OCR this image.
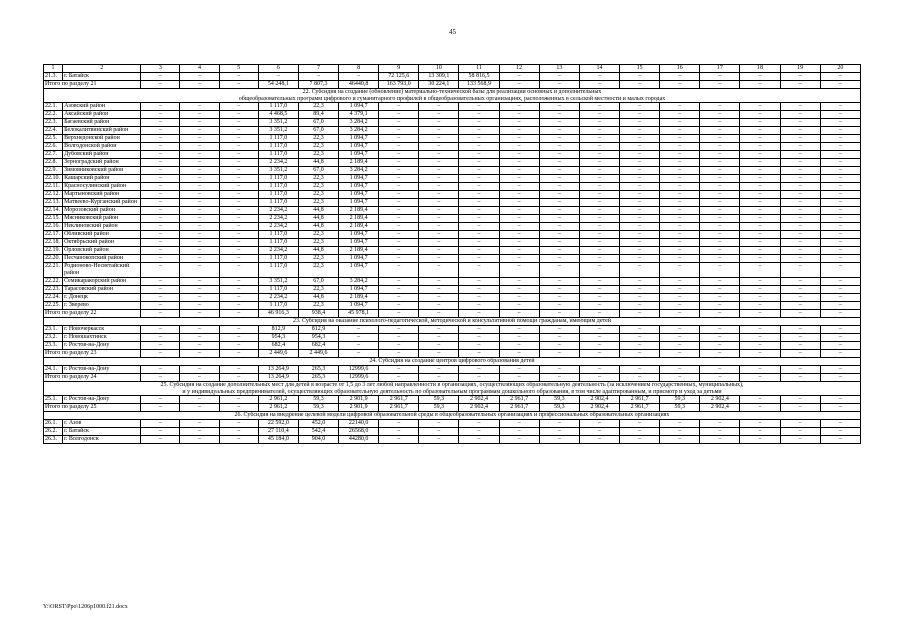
45
1	2	3	4	5	6	7	8	9	10	11	12	13	14	15	16	17	18	19	20
21.3.	г. Батайск	–	–	–	–	–	–	72 125,6	13 309,1	58 816,5	–	–	–	–	–	–	–	–	–
Итого по разделу 21		–	–	–	54 248,1	7 807,3	46440,8	163 793,0	30 224,1	133 568,9	–	–	–	–	–	–	–	–	–

22. Субсидия на создание (обновление) материально-технической базы для реализации основных и дополнительных
общеобразовательных программ цифрового и гуманитарного профилей в общеобразовательных организациях, расположенных в сельской местности и малых городах																			

22.1.	Азовский район	–	–	–	1 117,0	22,3	1 094,7	–	–	–	–	–	–	–	–	–	–	–	–
22.2.	Аксайский район	–	–	–	4 468,5	89,4	4 379,1	–	–	–	–	–	–	–	–	–	–	–	–
22.3.	Багаевский район	–	–	–	3 351,2	67,0	3 284,2	–	–	–	–	–	–	–	–	–	–	–	–
22.4.	Белокалитвинский район	–	–	–	3 351,2	67,0	3 284,2	–	–	–	–	–	–	–	–	–	–	–	–
22.5.	Верхнедонской район	–	–	–	1 117,0	22,3	1 094,7	–	–	–	–	–	–	–	–	–	–	–	–
22.6.	Волгодонской район	–	–	–	1 117,0	22,3	1 094,7	–	–	–	–	–	–	–	–	–	–	–	–
22.7.	Дубовский район	–	–	–	1 117,0	22,3	1 094,7	–	–	–	–	–	–	–	–	–	–	–	–
22.8.	Зерноградский район	–	–	–	2 234,2	44,8	2 189,4	–	–	–	–	–	–	–	–	–	–	–	–
22.9.	Зимовниковский район	–	–	–	3 351,2	67,0	3 284,2	–	–	–	–	–	–	–	–	–	–	–	–
22.10.	Кашарский район	–	–	–	1 117,0	22,3	1 094,7	–	–	–	–	–	–	–	–	–	–	–	–
22.11.	Красносулинский район	–	–	–	1 117,0	22,3	1 094,7	–	–	–	–	–	–	–	–	–	–	–	–
22.12.	Мартыновский район	–	–	–	1 117,0	22,3	1 094,7	–	–	–	–	–	–	–	–	–	–	–	–
22.13.	Матвеево-Курганский район	–	–	–	1 117,0	22,3	1 094,7	–	–	–	–	–	–	–	–	–	–	–	–
22.14.	Морозовский район	–	–	–	2 234,2	44,8	2 189,4	–	–	–	–	–	–	–	–	–	–	–	–
22.15.	Мясниковский район	–	–	–	2 234,2	44,8	2 189,4	–	–	–	–	–	–	–	–	–	–	–	–
22.16.	Неклиновский район	–	–	–	2 234,2	44,8	2 189,4	–	–	–	–	–	–	–	–	–	–	–	–
22.17.	Обливский район	–	–	–	1 117,0	22,3	1 094,7	–	–	–	–	–	–	–	–	–	–	–	–
22.18.	Октябрьский район	–	–	–	1 117,0	22,3	1 094,7	–	–	–	–	–	–	–	–	–	–	–	–
22.19.	Орловский район	–	–	–	2 234,2	44,8	2 189,4	–	–	–	–	–	–	–	–	–	–	–	–
22.20.	Песчанокопский район	–	–	–	1 117,0	22,3	1 094,7	–	–	–	–	–	–	–	–	–	–	–	–
22.21.	Родионово-Несветайский район	–	–	–	1 117,0	22,3	1 094,7	–	–	–	–	–	–	–	–	–	–	–	–
22.22.	Семикаракорский район	–	–	–	3 351,2	67,0	3 284,2	–	–	–	–	–	–	–	–	–	–	–	–
22.23.	Тарасовский район	–	–	–	1 117,0	22,3	1 094,7	–	–	–	–	–	–	–	–	–	–	–	–
22.24.	г. Донецк	–	–	–	2 234,2	44,8	2 189,4	–	–	–	–	–	–	–	–	–	–	–	–
22.25.	г. Зверево	–	–	–	1 117,0	22,3	1 094,7	–	–	–	–	–	–	–	–	–	–	–	–
Итого по разделу 22		–	–	–	46 916,3	938,4	45 978,1	–	–	–	–	–	–	–	–	–	–	–	–

23. Субсидия на оказание психолого-педагогической, методической и консультативной помощи гражданам, имеющим детей																			

23.1.	г. Новочеркасск	–	–	–	812,9	812,9	–	–	–	–	–	–	–	–	–	–	–	–	–
23.2.	г. Новошахтинск	–	–	–	954,3	954,3	–	–	–	–	–	–	–	–	–	–	–	–	–
23.3.	г. Ростов-на-Дону	–	–	–	682,4	682,4	–	–	–	–	–	–	–	–	–	–	–	–	–
Итого по разделу 23		–	–	–	2 449,6	2 449,6	–	–	–	–	–	–	–	–	–	–	–	–	–

24. Субсидия на создание центров цифрового образования детей																			

24.1.	г. Ростов-на-Дону	–	–	–	13 264,9	265,3	12999,6	–	–	–	–	–	–	–	–	–	–	–	–
Итого по разделу 24		–	–	–	13 264,9	265,3	12999,6	–	–	–	–	–	–	–	–	–	–	–	–

25. Субсидия на создание дополнительных мест для детей в возрасте от 1,5 до 3 лет любой направленности в организациях, осуществляющих образовательную деятельность (за исключением государственных, муниципальных),
и у индивидуальных предпринимателей, осуществляющих образовательную деятельность по образовательным программам дошкольного образования, в том числе адаптированным, и присмотр и уход за детьми																			

25.1.	г. Ростов-на-Дону	–	–	–	2 961,2	59,3	2 901,9	2 961,7	59,3	2 902,4	2 961,7	59,3	2 902,4	2 961,7	59,3	2 902,4	–	–	–
Итого по разделу 25		–	–	–	2 961,2	59,3	2 901,9	2 961,7	59,3	2 902,4	2 961,7	59,3	2 902,4	2 961,7	59,3	2 902,4	–	–	–

26. Субсидия на внедрение целевой модели цифровой образовательной среды в общеобразовательных организациях и профессиональных образовательных организациях																			

26.1.	г. Азов	–	–	–	22 592,0	452,0	22140,0	–	–	–	–	–	–	–	–	–	–	–	–
26.2.	г. Батайск	–	–	–	27 110,4	542,4	26568,0	–	–	–	–	–	–	–	–	–	–	–	–
26.3.	г. Волгодонск	–	–	–	45 184,0	904,0	44280,0	–	–	–	–	–	–	–	–	–	–	–	–
Y:\ORST\Ppo\1206p1000.f21.docx
